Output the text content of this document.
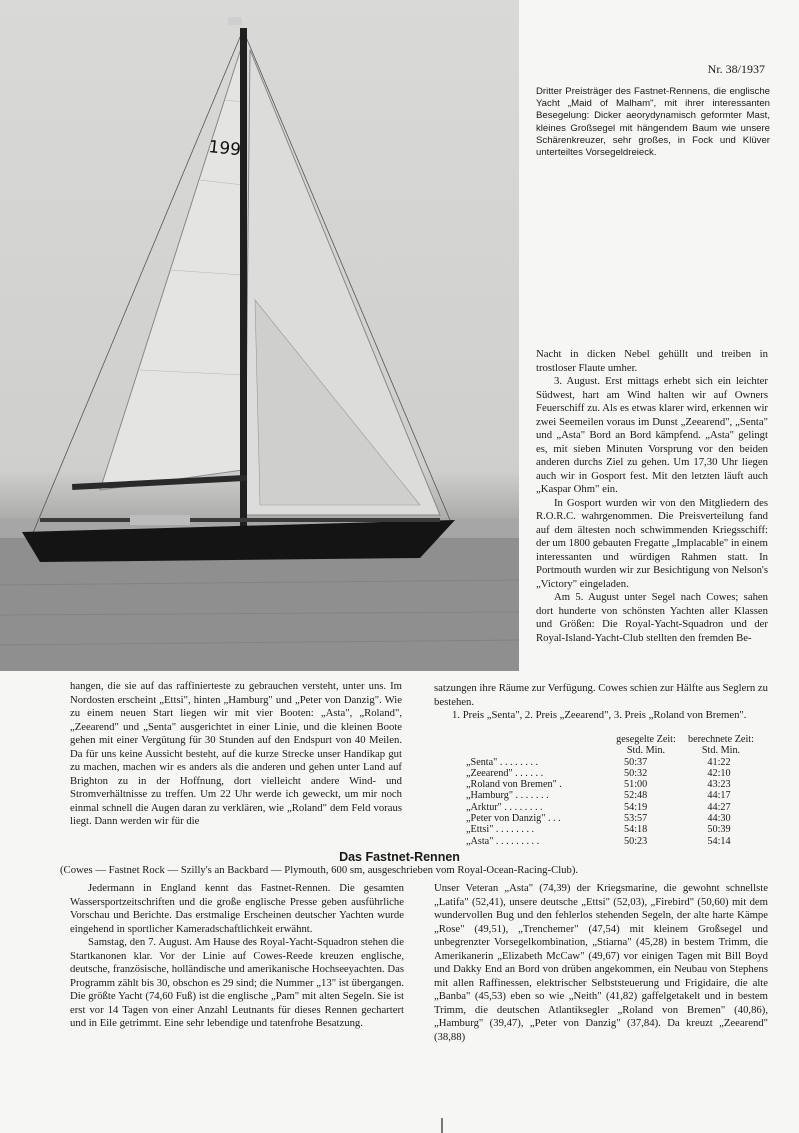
199
Nr. 38/1937
Dritter Preisträger des Fastnet-Rennens, die englische Yacht „Maid of Malham", mit ihrer interessanten Besegelung: Dicker aeorydynamisch geformter Mast, kleines Großsegel mit hängendem Baum wie unsere Schärenkreuzer, sehr großes, in Fock und Klüver unterteiltes Vorsegeldreieck.

Nacht in dicken Nebel gehüllt und treiben in trostloser Flaute umher.

3. August. Erst mittags erhebt sich ein leichter Südwest, hart am Wind halten wir auf Owners Feuerschiff zu. Als es etwas klarer wird, erkennen wir zwei Seemeilen voraus im Dunst „Zeearend", „Senta" und „Asta" Bord an Bord kämpfend. „Asta" gelingt es, mit sieben Minuten Vorsprung vor den beiden anderen durchs Ziel zu gehen. Um 17,30 Uhr liegen auch wir in Gosport fest. Mit den letzten läuft auch „Kaspar Ohm" ein.

In Gosport wurden wir von den Mitgliedern des R.O.R.C. wahrgenommen. Die Preisverteilung fand auf dem ältesten noch schwimmenden Kriegsschiff: der um 1800 gebauten Fregatte „Implacable" in einem interessanten und würdigen Rahmen statt. In Portmouth wurden wir zur Besichtigung von Nelson's „Victory" eingeladen.

Am 5. August unter Segel nach Cowes; sahen dort hunderte von schönsten Yachten aller Klassen und Größen: Die Royal-Yacht-Squadron und der Royal-Island-Yacht-Club stellten den fremden Be-

hangen, die sie auf das raffinierteste zu gebrauchen versteht, unter uns. Im Nordosten erscheint „Ettsi", hinten „Hamburg" und „Peter von Danzig". Wie zu einem neuen Start liegen wir mit vier Booten: „Asta", „Roland", „Zeearend" und „Senta" ausgerichtet in einer Linie, und die kleinen Boote gehen mit einer Vergütung für 30 Stunden auf den Endspurt von 40 Meilen. Da für uns keine Aussicht besteht, auf die kurze Strecke unser Handikap gut zu machen, machen wir es anders als die anderen und gehen unter Land auf Brighton zu in der Hoffnung, dort vielleicht andere Wind- und Stromverhältnisse zu treffen. Um 22 Uhr werde ich geweckt, um mir noch einmal schnell die Augen daran zu verklären, wie „Roland" dem Feld voraus liegt. Dann werden wir für die

satzungen ihre Räume zur Verfügung. Cowes schien zur Hälfte aus Seglern zu bestehen.

1. Preis „Senta", 2. Preis „Zeearend", 3. Preis „Roland von Bremen".

gesegelte Zeit:	berechnete Zeit:
Std. Min.	Std. Min.
„Senta" . . . . . . . .	50:37	41:22
„Zeearend" . . . . . .	50:32	42:10
„Roland von Bremen" .	51:00	43:23
„Hamburg" . . . . . . .	52:48	44:17
„Arktur" . . . . . . . .	54:19	44:27
„Peter von Danzig" . . .	53:57	44:30
„Ettsi" . . . . . . . .	54:18	50:39
„Asta" . . . . . . . . .	50:23	54:14
Das Fastnet-Rennen
(Cowes — Fastnet Rock — Szilly's an Backbard — Plymouth, 600 sm, ausgeschrieben vom Royal-Ocean-Racing-Club).

Jedermann in England kennt das Fastnet-Rennen. Die gesamten Wassersportzeitschriften und die große englische Presse geben ausführliche Vorschau und Berichte. Das erstmalige Erscheinen deutscher Yachten wurde eingehend in sportlicher Kameradschaftlichkeit erwähnt.

Samstag, den 7. August. Am Hause des Royal-Yacht-Squadron stehen die Startkanonen klar. Vor der Linie auf Cowes-Reede kreuzen englische, deutsche, französische, holländische und amerikanische Hochseeyachten. Das Programm zählt bis 30, obschon es 29 sind; die Nummer „13" ist übergangen. Die größte Yacht (74,60 Fuß) ist die englische „Pam" mit alten Segeln. Sie ist erst vor 14 Tagen von einer Anzahl Leutnants für dieses Rennen gechartert und in Eile getrimmt. Eine sehr lebendige und tatenfrohe Besatzung.

Unser Veteran „Asta" (74,39) der Kriegsmarine, die gewohnt schnellste „Latifa" (52,41), unsere deutsche „Ettsi" (52,03), „Firebird" (50,60) mit dem wundervollen Bug und den fehlerlos stehenden Segeln, der alte harte Kämpe „Rose" (49,51), „Trenchemer" (47,54) mit kleinem Großsegel und unbegrenzter Vorsegelkombination, „Stiarna" (45,28) in bestem Trimm, die Amerikanerin „Elizabeth McCaw" (49,67) vor einigen Tagen mit Bill Boyd und Dakky End an Bord von drüben angekommen, ein Neubau von Stephens mit allen Raffinessen, elektrischer Selbststeuerung und Frigidaire, die alte „Banba" (45,53) eben so wie „Neith" (41,82) gaffelgetakelt und in bestem Trimm, die deutschen Atlantiksegler „Roland von Bremen" (40,86), „Hamburg" (39,47), „Peter von Danzig" (37,84). Da kreuzt „Zeearend" (38,88)
